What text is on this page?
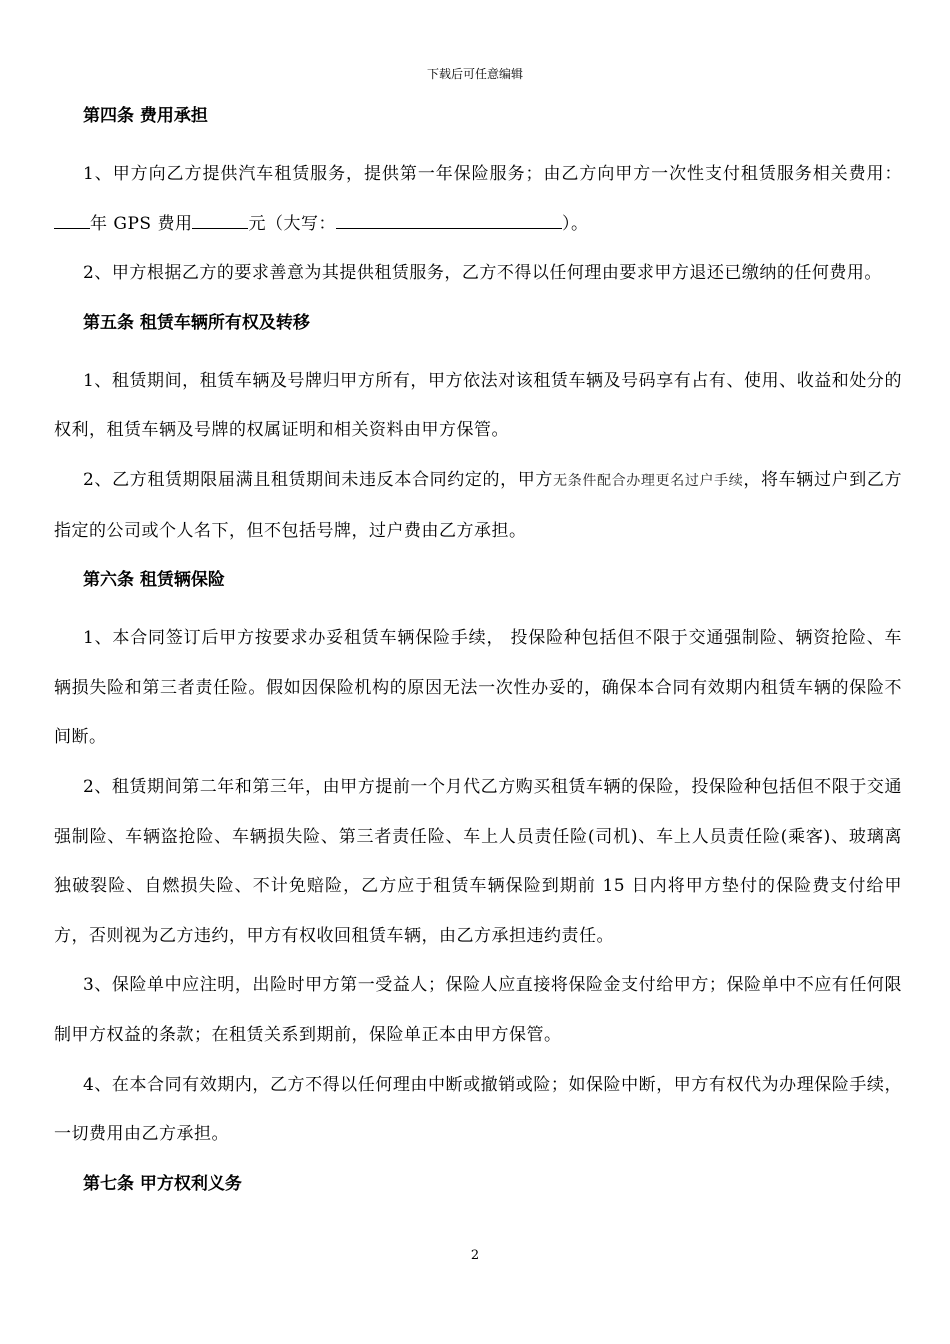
下载后可任意编辑
第四条 费用承担

1、甲方向乙方提供汽车租赁服务，提供第一年保险服务；由乙方向甲方一次性支付租赁服务相关费用：年 GPS 费用	元（大写：	）。

2、甲方根据乙方的要求善意为其提供租赁服务，乙方不得以任何理由要求甲方退还已缴纳的任何费用。

第五条 租赁车辆所有权及转移

1、租赁期间，租赁车辆及号牌归甲方所有，甲方依法对该租赁车辆及号码享有占有、使用、收益和处分的权利，租赁车辆及号牌的权属证明和相关资料由甲方保管。

2、乙方租赁期限届满且租赁期间未违反本合同约定的，甲方无条件配合办理更名过户手续，将车辆过户到乙方指定的公司或个人名下，但不包括号牌，过户费由乙方承担。

第六条 租赁辆保险

1、本合同签订后甲方按要求办妥租赁车辆保险手续， 投保险种包括但不限于交通强制险、辆资抢险、车辆损失险和第三者责任险。假如因保险机构的原因无法一次性办妥的，确保本合同有效期内租赁车辆的保险不间断。

2、租赁期间第二年和第三年，由甲方提前一个月代乙方购买租赁车辆的保险，投保险种包括但不限于交通强制险、车辆盗抢险、车辆损失险、第三者责任险、车上人员责任险(司机)、车上人员责任险(乘客)、玻璃离独破裂险、自燃损失险、不计免赔险，乙方应于租赁车辆保险到期前 15 日内将甲方垫付的保险费支付给甲方，否则视为乙方违约，甲方有权收回租赁车辆，由乙方承担违约责任。

3、保险单中应注明，出险时甲方第一受益人；保险人应直接将保险金支付给甲方；保险单中不应有任何限制甲方权益的条款；在租赁关系到期前，保险单正本由甲方保管。

4、在本合同有效期内，乙方不得以任何理由中断或撤销或险；如保险中断，甲方有权代为办理保险手续，一切费用由乙方承担。

第七条 甲方权利义务
2
